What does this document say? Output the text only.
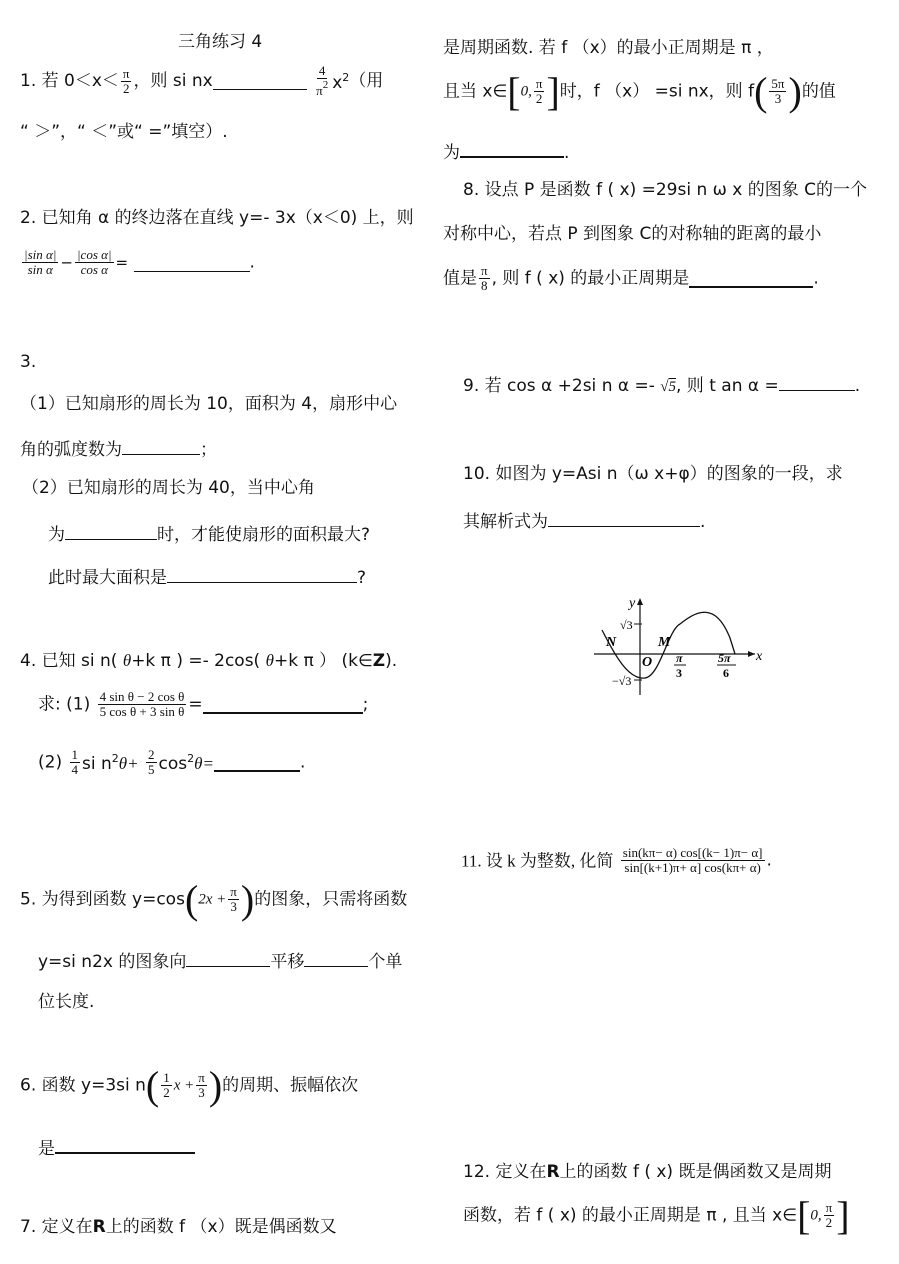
三角练习 4
1. 若 $0<x< \frac{\pi}{2}$ ，则 si nx	$\frac{4}{\pi^2} x^2$（用
“ ＞”，“ ＜”或“ =”填空）.
2. 已知角 α 的终边落在直线 y=- 3x（x＜0) 上，则
$\frac{\text{|sin α|}}{\text{sin α}} - \frac{\text{|cos α|}}{\text{cos α}}$ =	.
3.
（1）已知扇形的周长为 10，面积为 4，扇形中心
角的弧度数为	；
（2）已知扇形的周长为 40，当中心角
为	时，才能使扇形的面积最大?
此时最大面积是	?
4. 已知 si n( θ+k π ) =- 2cos( θ+k π ） (k∈Z).
求: $(1) \frac{\text{4 sin θ − 2 cos θ}}{\text{5 cos θ + 3 sin θ}}$ =	;
$(2) \frac{1}{4}$ si $n^2\theta+ \frac{2}{5} \cos^2\theta=$	.
5. 为得到函数 $y=\cos(2x + \frac{\pi}{3}$ )的图象，只需将函数
y=si n2x 的图象向	平移	个单
位长度.
6. 函数 y=3si $n( \frac{1}{2}$ $x + \frac{\pi}{3}$ )的周期、振幅依次
是
7. 定义在R上的函数 f （x）既是偶函数又
是周期函数. 若 f （x）的最小正周期是 π ，
且当 x∈[0, $\frac{\pi}{2}$ ]时，f （x） =si nx，则 $f( \frac{5\pi}{3}$ )的值
为	.
8. 设点 P 是函数 f ( x) =29si n ω x 的图象 C的一个
对称中心，若点 P 到图象 C的对称轴的距离的最小
值是 $\frac{\pi}{8}$ , 则 f ( x) 的最小正周期是	.
9. 若 cos α +2si n α =- √5, 则 t an α =	.
10. 如图为 y=Asi n（ω x+φ）的图象的一段，求
其解析式为	.
y
x
N	M
O
√3
−√3
π
3
5π
6
11. 设 k 为整数, 化简 $\frac{\sin(k\pi- \alpha) \cos[(k- 1)\pi- \alpha]}{\sin[(k+1)\pi+ \alpha] \cos(k\pi+ \alpha)}$ .
12. 定义在R上的函数 f ( x) 既是偶函数又是周期
函数，若 f ( x) 的最小正周期是 π , 且当 x∈[0, $\frac{\pi}{2}$ ]
